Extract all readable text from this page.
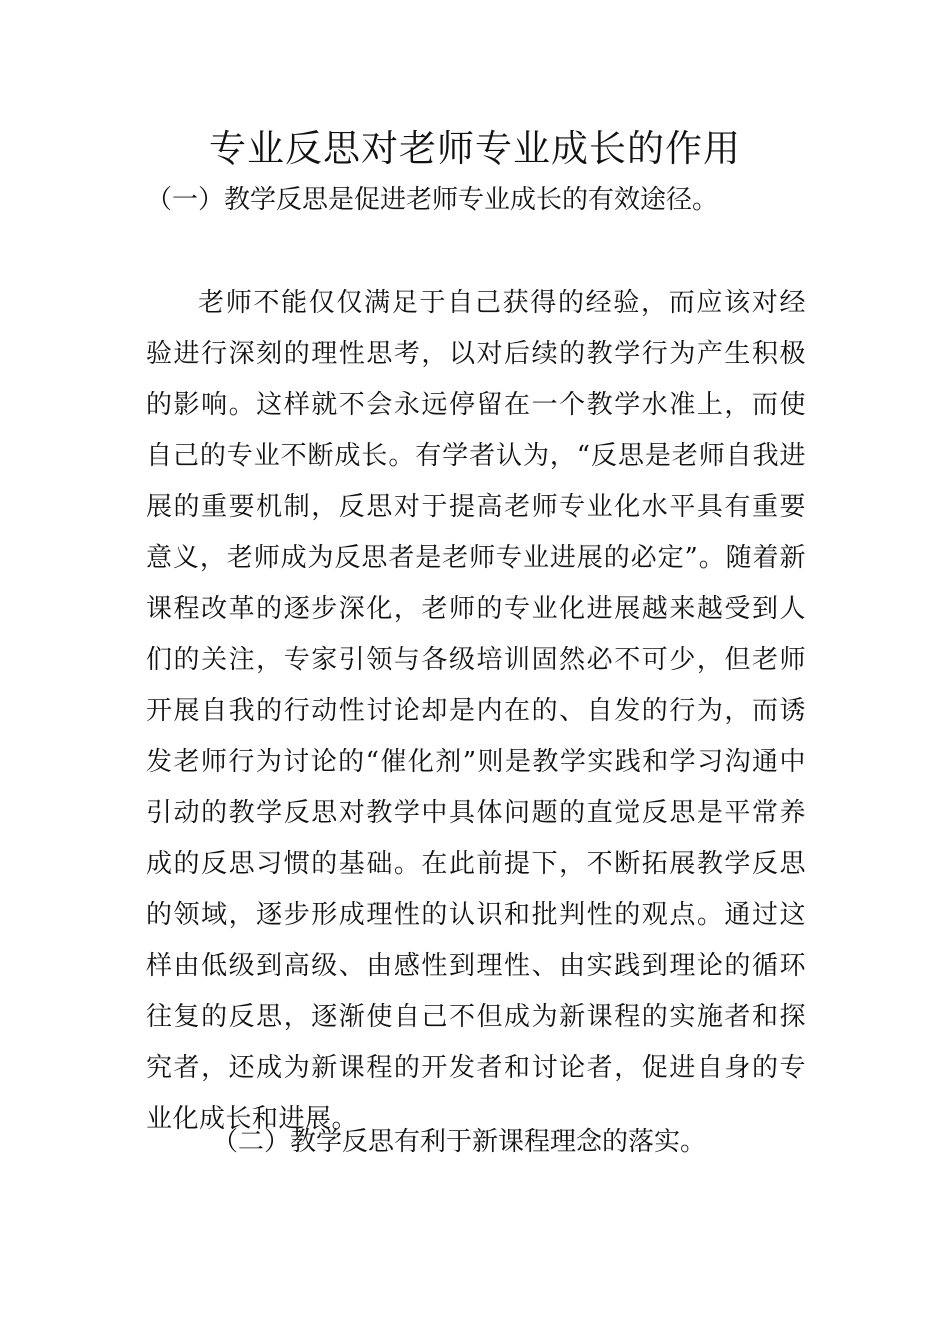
专业反思对老师专业成长的作用
（一）教学反思是促进老师专业成长的有效途径。

老师不能仅仅满足于自己获得的经验，而应该对经验进行深刻的理性思考，以对后续的教学行为产生积极的影响。这样就不会永远停留在一个教学水准上，而使自己的专业不断成长。有学者认为，“反思是老师自我进展的重要机制，反思对于提高老师专业化水平具有重要意义，老师成为反思者是老师专业进展的必定”。随着新课程改革的逐步深化，老师的专业化进展越来越受到人们的关注，专家引领与各级培训固然必不可少，但老师开展自我的行动性讨论却是内在的、自发的行为，而诱发老师行为讨论的“催化剂”则是教学实践和学习沟通中引动的教学反思对教学中具体问题的直觉反思是平常养成的反思习惯的基础。在此前提下，不断拓展教学反思的领域，逐步形成理性的认识和批判性的观点。通过这样由低级到高级、由感性到理性、由实践到理论的循环往复的反思，逐渐使自己不但成为新课程的实施者和探究者，还成为新课程的开发者和讨论者，促进自身的专业化成长和进展。

（二）教学反思有利于新课程理念的落实。
